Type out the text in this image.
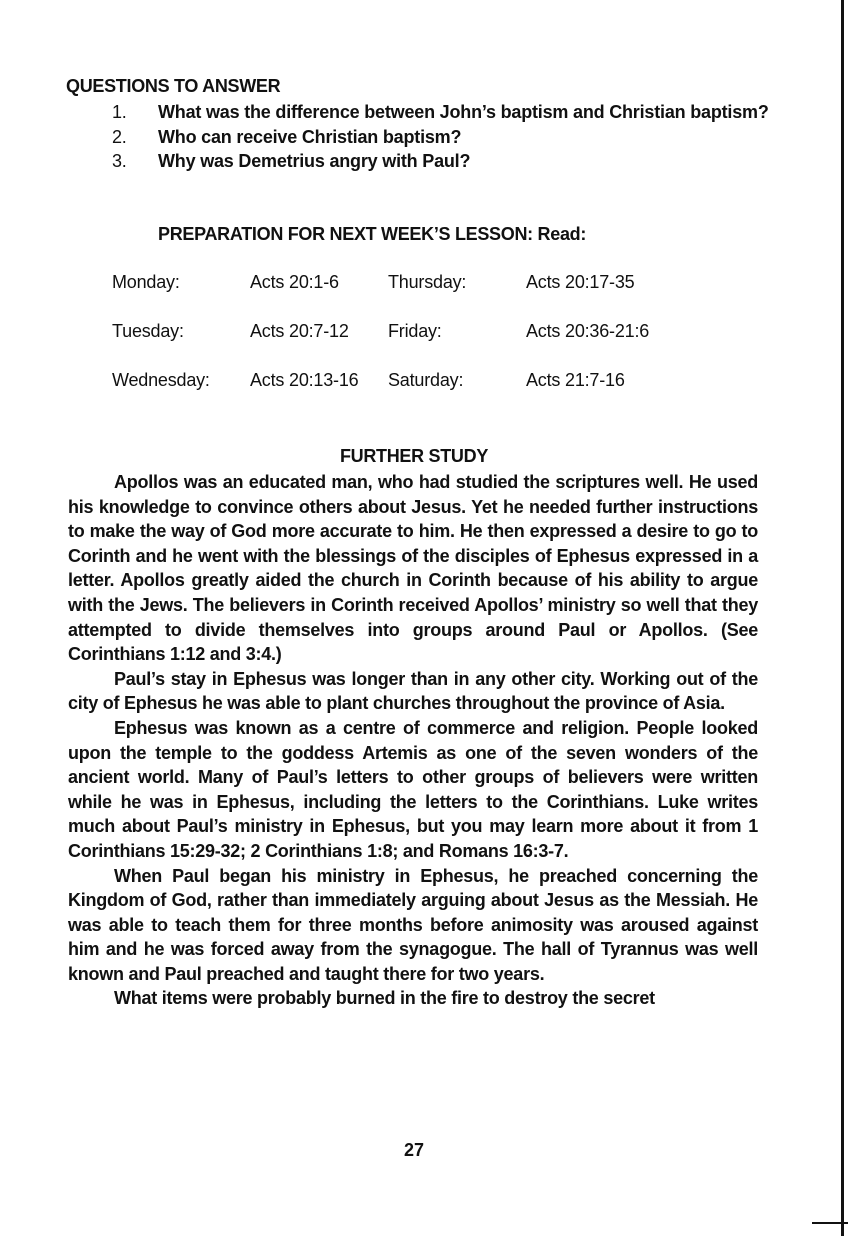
QUESTIONS TO ANSWER
1. What was the difference between John’s baptism and Christian baptism?
2. Who can receive Christian baptism?
3. Why was Demetrius angry with Paul?
PREPARATION FOR NEXT WEEK’S LESSON: Read:
Monday:	Acts 20:1-6	Thursday:	Acts 20:17-35
Tuesday:	Acts 20:7-12 Friday:	Acts 20:36-21:6
Wednesday: Acts 20:13-16 Saturday:	Acts 21:7-16
FURTHER STUDY

Apollos was an educated man, who had studied the scriptures well. He used his knowledge to convince others about Jesus. Yet he needed further instructions to make the way of God more accurate to him. He then expressed a desire to go to Corinth and he went with the blessings of the disciples of Ephesus expressed in a letter. Apollos greatly aided the church in Corinth because of his ability to argue with the Jews. The believers in Corinth received Apollos’ ministry so well that they attempted to divide themselves into groups around Paul or Apollos. (See Corinthians 1:12 and 3:4.)

Paul’s stay in Ephesus was longer than in any other city. Working out of the city of Ephesus he was able to plant churches throughout the province of Asia.

Ephesus was known as a centre of commerce and religion. People looked upon the temple to the goddess Artemis as one of the seven wonders of the ancient world. Many of Paul’s letters to other groups of believers were written while he was in Ephesus, including the letters to the Corinthians. Luke writes much about Paul’s ministry in Ephesus, but you may learn more about it from 1 Corinthians 15:29-32; 2 Corinthians 1:8; and Romans 16:3-7.

When Paul began his ministry in Ephesus, he preached concerning the Kingdom of God, rather than immediately arguing about Jesus as the Messiah. He was able to teach them for three months before animosity was aroused against him and he was forced away from the synagogue. The hall of Tyrannus was well known and Paul preached and taught there for two years.

What items were probably burned in the fire to destroy the secret

27
